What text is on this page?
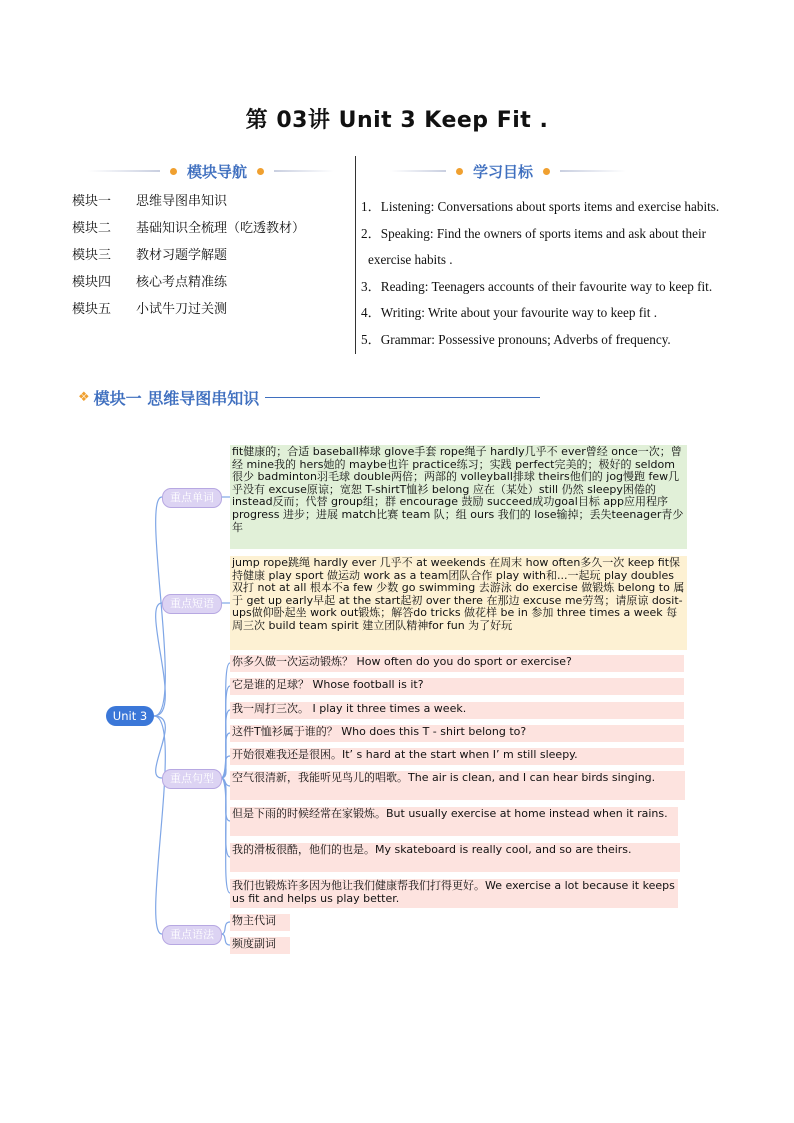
第 03讲 Unit 3 Keep Fit .
模块导航	学习目标
模块一	思维导图串知识
模块二	基础知识全梳理（吃透教材）
模块三	教材习题学解题
模块四	核心考点精准练
模块五	小试牛刀过关测
1．Listening: Conversations about sports items and exercise habits.
2．Speaking: Find the owners of sports items and ask about their
exercise habits .
3．Reading: Teenagers accounts of their favourite way to keep fit.
4．Writing: Write about your favourite way to keep fit .
5．Grammar: Possessive pronouns; Adverbs of frequency.
❖ 模块一 思维导图串知识
Unit 3
重点单词
重点短语
重点句型
重点语法
fit健康的；合适 baseball棒球 glove手套 rope绳子 hardly几乎不 ever曾经 once一次；曾经 mine我的 hers她的 maybe也许 practice练习；实践 perfect完美的；极好的 seldom很少 badminton羽毛球 double两倍；两部的 volleyball排球 theirs他们的 jog慢跑 few几乎没有 excuse原谅；宽恕 T-shirtT恤衫 belong 应在（某处）still 仍然 sleepy困倦的 instead反而；代替 group组；群 encourage 鼓励 succeed成功goal目标 app应用程序 progress 进步；进展 match比赛 team 队；组 ours 我们的 lose输掉；丢失teenager青少年
jump rope跳绳 hardly ever 几乎不 at weekends 在周末 how often多久一次 keep fit保持健康 play sport 做运动 work as a team团队合作 play with和...一起玩 play doubles 双打 not at all 根本不a few 少数 go swimming 去游泳 do exercise 做锻炼 belong to 属于 get up early早起 at the start起初 over there 在那边 excuse me劳驾；请原谅 dosit-ups做仰卧起坐 work out锻炼；解答do tricks 做花样 be in 参加 three times a week 每周三次 build team spirit 建立团队精神for fun 为了好玩
你多久做一次运动锻炼？ How often do you do sport or exercise?
它是谁的足球？ Whose football is it?
我一周打三次。 I play it three times a week.
这件T恤衫属于谁的？ Who does this T - shirt belong to?
开始很难我还是很困。It’ s hard at the start when I’ m still sleepy.
空气很清新，我能听见鸟儿的唱歌。The air is clean, and I can hear birds singing.
但是下雨的时候经常在家锻炼。But usually exercise at home instead when it rains.
我的滑板很酷，他们的也是。My skateboard is really cool, and so are theirs.
我们也锻炼许多因为他让我们健康帮我们打得更好。We exercise a lot because it keeps us fit and helps us play better.
物主代词
频度副词
